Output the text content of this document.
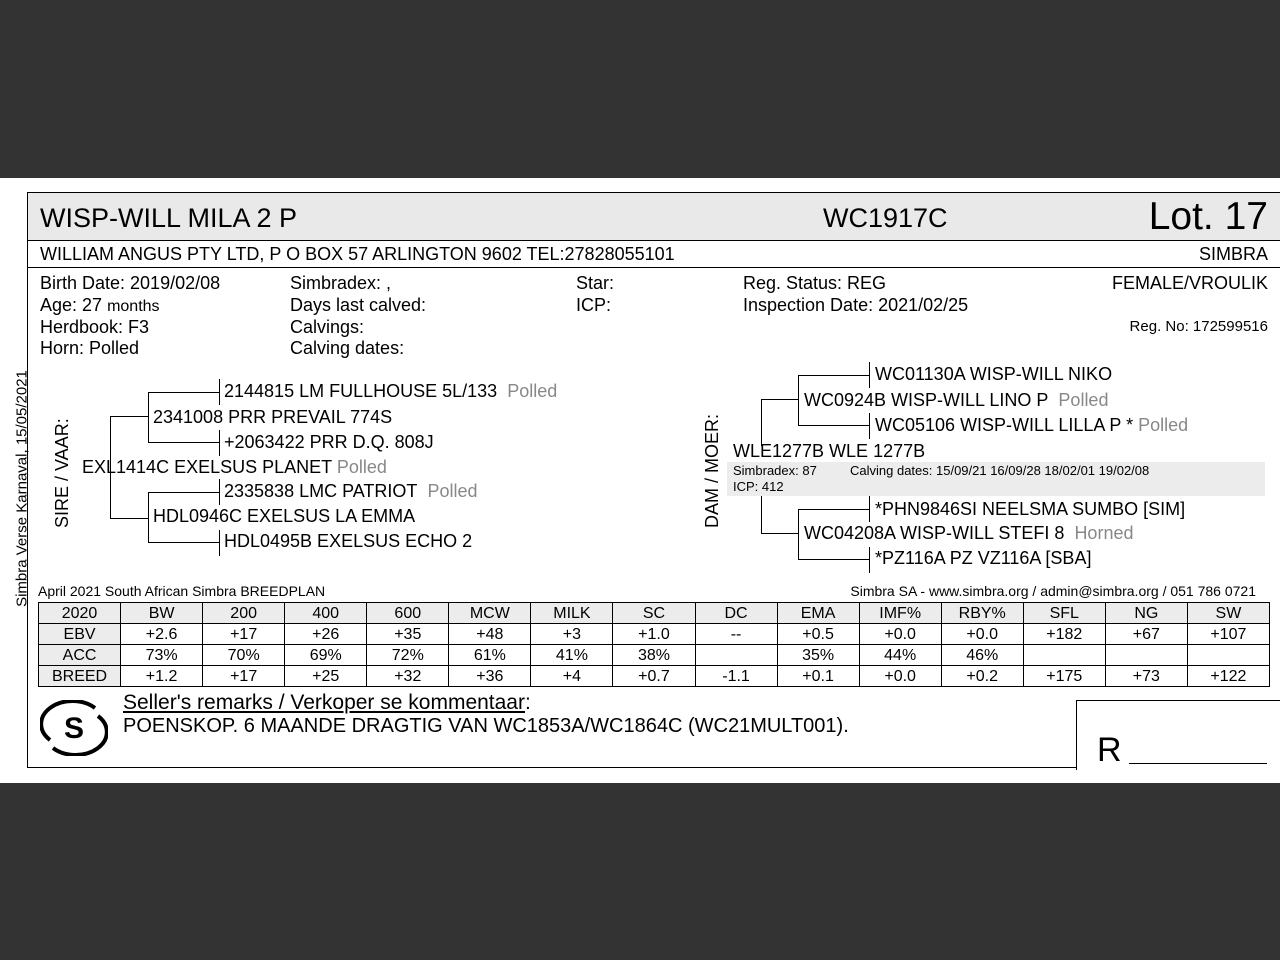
Simbra Verse Karnaval, 15/05/2021
WISP-WILL MILA 2 P	WC1917C	Lot. 17
WILLIAM ANGUS PTY LTD, P O BOX 57 ARLINGTON 9602 TEL:27828055101	SIMBRA
Birth Date: 2019/02/08
Age: 27 months
Herdbook: F3
Horn: Polled
Simbradex: ,
Days last calved:
Calvings:
Calving dates:
Star:
ICP:
Reg. Status: REG
Inspection Date: 2021/02/25
FEMALE/VROULIK
Reg. No: 172599516
SIRE / VAAR:
2144815 LM FULLHOUSE 5L/133 Polled
2341008 PRR PREVAIL 774S
+2063422 PRR D.Q. 808J
EXL1414C EXELSUS PLANET Polled
2335838 LMC PATRIOT Polled
HDL0946C EXELSUS LA EMMA
HDL0495B EXELSUS ECHO 2
DAM / MOER:
WC01130A WISP-WILL NIKO
WC0924B WISP-WILL LINO P Polled
WC05106 WISP-WILL LILLA P * Polled
WLE1277B WLE 1277B
Simbradex: 87	Calving dates: 15/09/21 16/09/28 18/02/01 19/02/08
ICP: 412
*PHN9846SI NEELSMA SUMBO [SIM]
WC04208A WISP-WILL STEFI 8 Horned
*PZ116A PZ VZ116A [SBA]
April 2021 South African Simbra BREEDPLAN	Simbra SA - www.simbra.org / admin@simbra.org / 051 786 0721
2020	BW	200	400	600	MCW	MILK	SC	DC	EMA	IMF%	RBY%	SFL	NG	SW
EBV	+2.6	+17	+26	+35	+48	+3	+1.0	--	+0.5	+0.0	+0.0	+182	+67	+107
ACC	73%	70%	69%	72%	61%	41%	38%		35%	44%	46%			
BREED	+1.2	+17	+25	+32	+36	+4	+0.7	-1.1	+0.1	+0.0	+0.2	+175	+73	+122
S
Seller's remarks / Verkoper se kommentaar:
POENSKOP. 6 MAANDE DRAGTIG VAN WC1853A/WC1864C (WC21MULT001).
R
